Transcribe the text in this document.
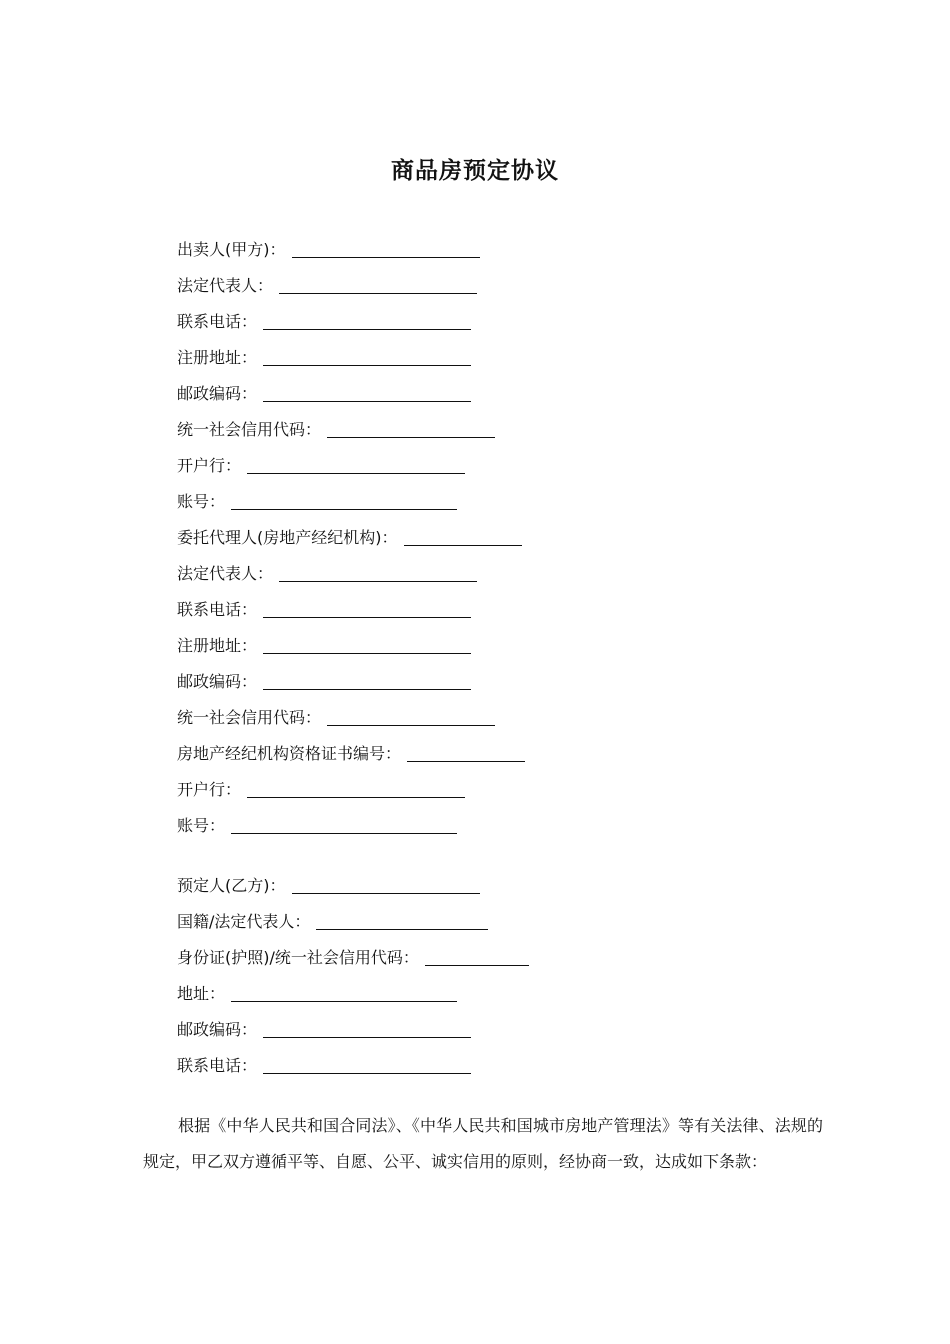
商品房预定协议
出卖人(甲方)：
法定代表人：
联系电话：
注册地址：
邮政编码：
统一社会信用代码：
开户行：
账号：
委托代理人(房地产经纪机构)：
法定代表人：
联系电话：
注册地址：
邮政编码：
统一社会信用代码：
房地产经纪机构资格证书编号：
开户行：
账号：
预定人(乙方)：
国籍/法定代表人：
身份证(护照)/统一社会信用代码：
地址：
邮政编码：
联系电话：
根据《中华人民共和国合同法》、《中华人民共和国城市房地产管理法》等有关法律、法规的规定，甲乙双方遵循平等、自愿、公平、诚实信用的原则，经协商一致，达成如下条款：
